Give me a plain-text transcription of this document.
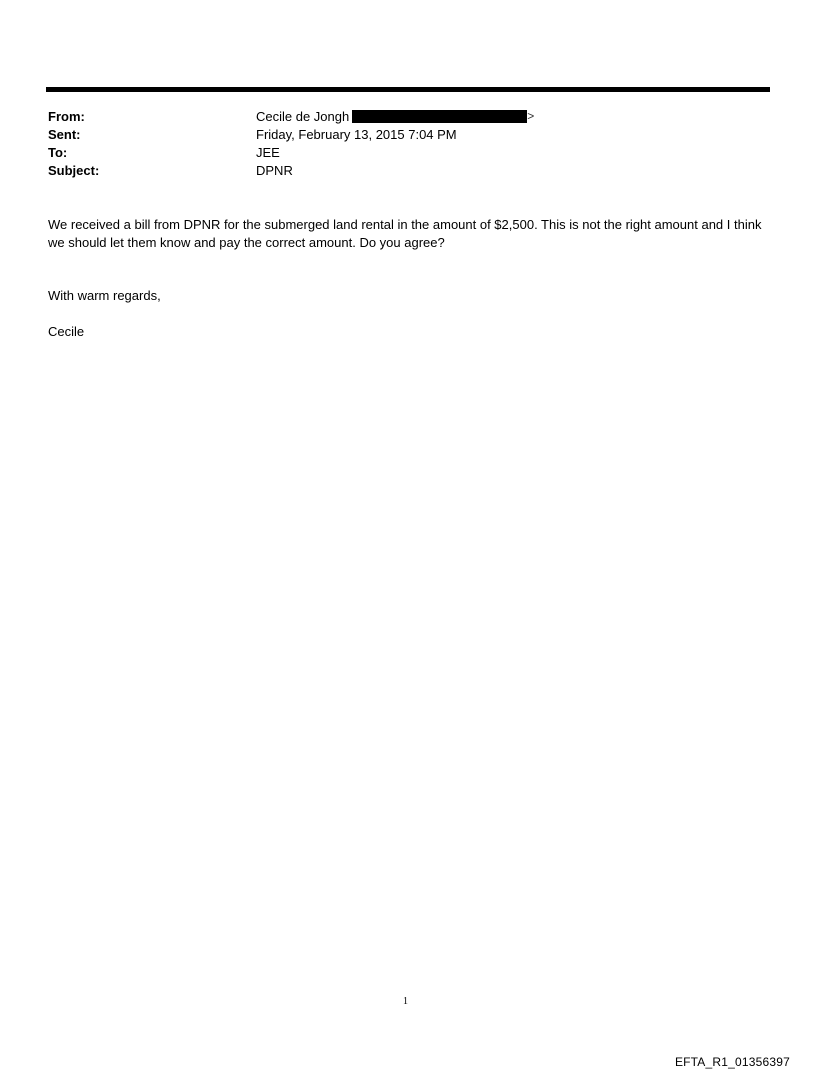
From:	Cecile de Jongh	>
Sent:	Friday, February 13, 2015 7:04 PM
To:	JEE
Subject:	DPNR
We received a bill from DPNR for the submerged land rental in the amount of $2,500. This is not the right amount and I think we should let them know and pay the correct amount. Do you agree?
With warm regards,
Cecile
1
EFTA_R1_01356397
